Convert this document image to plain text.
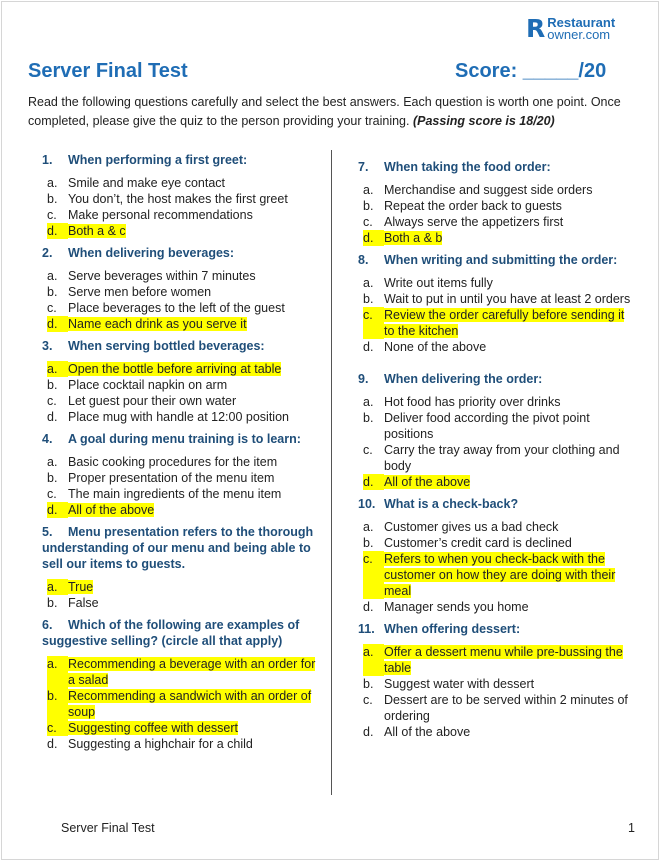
R Restaurant
owner.com
Server Final Test	Score: _____/20
Read the following questions carefully and select the best answers. Each question is worth one point. Once completed, please give the quiz to the person providing your training. (Passing score is 18/20)
1.	When performing a first greet:
a. Smile and make eye contact
b. You don’t, the host makes the first greet
c. Make personal recommendations
d. Both a & c
2.	When delivering beverages:
a. Serve beverages within 7 minutes
b. Serve men before women
c. Place beverages to the left of the guest
d. Name each drink as you serve it
3.	When serving bottled beverages:
a. Open the bottle before arriving at table
b. Place cocktail napkin on arm
c. Let guest pour their own water
d. Place mug with handle at 12:00 position
4.	A goal during menu training is to learn:
a. Basic cooking procedures for the item
b. Proper presentation of the menu item
c. The main ingredients of the menu item
d. All of the above
5. Menu presentation refers to the thorough understanding of our menu and being able to sell our items to guests.
a. True
b. False
6. Which of the following are examples of suggestive selling? (circle all that apply)
a. Recommending a beverage with an order for a salad
b. Recommending a sandwich with an order of soup
c. Suggesting coffee with dessert
d. Suggesting a highchair for a child
7.	When taking the food order:
a. Merchandise and suggest side orders
b. Repeat the order back to guests
c. Always serve the appetizers first
d. Both a & b
8.	When writing and submitting the order:
a. Write out items fully
b. Wait to put in until you have at least 2 orders
c. Review the order carefully before sending it to the kitchen
d. None of the above
9.	When delivering the order:
a. Hot food has priority over drinks
b. Deliver food according the pivot point positions
c. Carry the tray away from your clothing and body
d. All of the above
10. What is a check-back?
a. Customer gives us a bad check
b. Customer’s credit card is declined
c. Refers to when you check-back with the customer on how they are doing with their meal
d. Manager sends you home
11. When offering dessert:
a. Offer a dessert menu while pre-bussing the table
b. Suggest water with dessert
c. Dessert are to be served within 2 minutes of ordering
d. All of the above
Server Final Test	1
